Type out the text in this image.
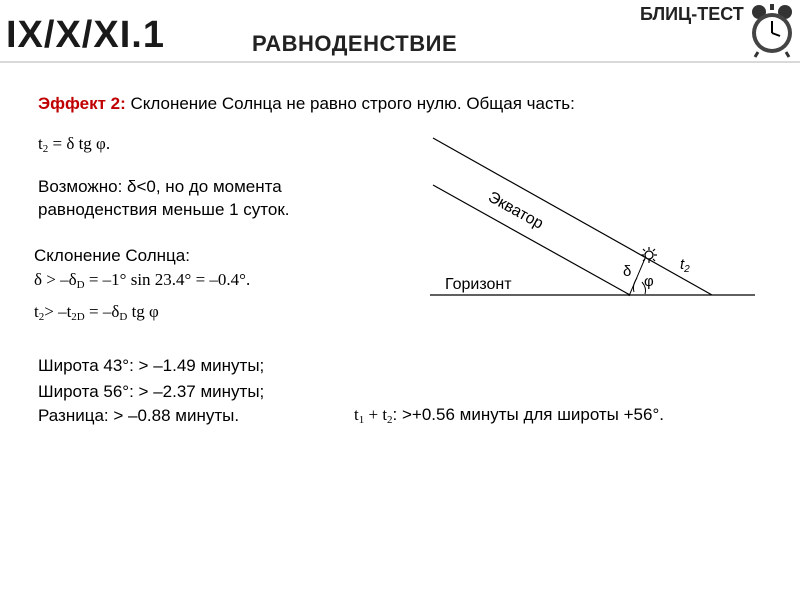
IX/X/XI.1	РАВНОДЕНСТВИЕ
БЛИЦ-ТЕСТ
Эффект 2: Склонение Солнца не равно строго нулю. Общая часть:
$t_2 = \delta$ tg φ.
Возможно: δ<0, но до момента
равноденствия меньше 1 суток.
Склонение Солнца:
$\delta > -\delta_D = -1^\circ$ sin 23.4° = –0.4°.
$t_2> -t_{2D} = -\delta_D$ tg φ
Широта 43°: > –1.49 минуты;
Широта 56°: > –2.37 минуты;
Разница: > –0.88 минуты.	$t_1 + t_2$: >+0.56 минуты для широты +56°.
Экватор
Горизонт
δ
φ
$t_2$
